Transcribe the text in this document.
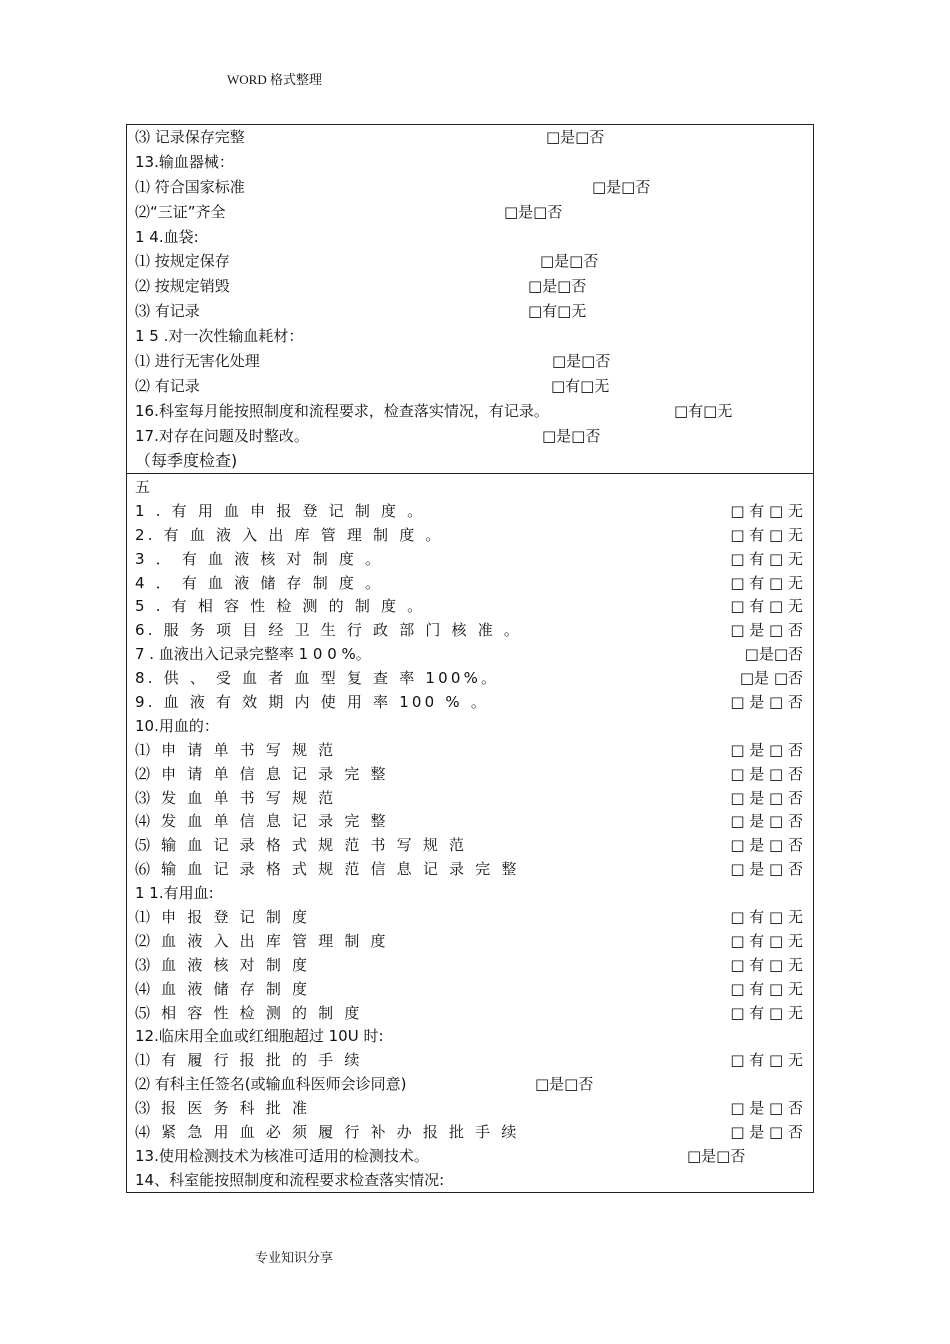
WORD 格式整理
⑶ 记录保存完整	□是□否
13.输血器械：
⑴ 符合国家标准	□是□否
⑵“三证”齐全	□是□否
1 4.血袋:
⑴ 按规定保存	□是□否
⑵ 按规定销毁	□是□否
⑶ 有记录	□有□无
1 5 .对一次性输血耗材：
⑴ 进行无害化处理	□是□否
⑵ 有记录	□有□无
16.科室每月能按照制度和流程要求，检查落实情况，有记录。	□有□无
17.对存在问题及时整改。	□是□否
（每季度检查)
五
1 . 有 用 血 申 报 登 记 制 度 。	□ 有 □ 无
2. 有 血 液 入 出 库 管 理 制 度 。	□ 有 □ 无
3 ． 有 血 液 核 对 制 度 。	□ 有 □ 无
4 ． 有 血 液 储 存 制 度 。	□ 有 □ 无
5 . 有 相 容 性 检 测 的 制 度 。	□ 有 □ 无
6. 服 务 项 目 经 卫 生 行 政 部 门 核 准 。	□ 是 □ 否
7 . 血液出入记录完整率 1 0 0 %。	□是□否
8. 供 、 受 血 者 血 型 复 查 率 100%。	□是 □否
9. 血 液 有 效 期 内 使 用 率 100 % 。	□ 是 □ 否
10.用血的：
⑴ 申 请 单 书 写 规 范	□ 是 □ 否
⑵ 申 请 单 信 息 记 录 完 整	□ 是 □ 否
⑶ 发 血 单 书 写 规 范	□ 是 □ 否
⑷ 发 血 单 信 息 记 录 完 整	□ 是 □ 否
⑸ 输 血 记 录 格 式 规 范 书 写 规 范	□ 是 □ 否
⑹ 输 血 记 录 格 式 规 范 信 息 记 录 完 整	□ 是 □ 否
1 1.有用血:
⑴ 申 报 登 记 制 度	□ 有 □ 无
⑵ 血 液 入 出 库 管 理 制 度	□ 有 □ 无
⑶ 血 液 核 对 制 度	□ 有 □ 无
⑷ 血 液 储 存 制 度	□ 有 □ 无
⑸ 相 容 性 检 测 的 制 度	□ 有 □ 无
12.临床用全血或红细胞超过 10U 时:
⑴ 有 履 行 报 批 的 手 续	□ 有 □ 无
⑵ 有科主任签名(或输血科医师会诊同意)	□是□否
⑶ 报 医 务 科 批 准	□ 是 □ 否
⑷ 紧 急 用 血 必 须 履 行 补 办 报 批 手 续	□ 是 □ 否
13.使用检测技术为核准可适用的检测技术。	□是□否
14、科室能按照制度和流程要求检查落实情况:
专业知识分享
